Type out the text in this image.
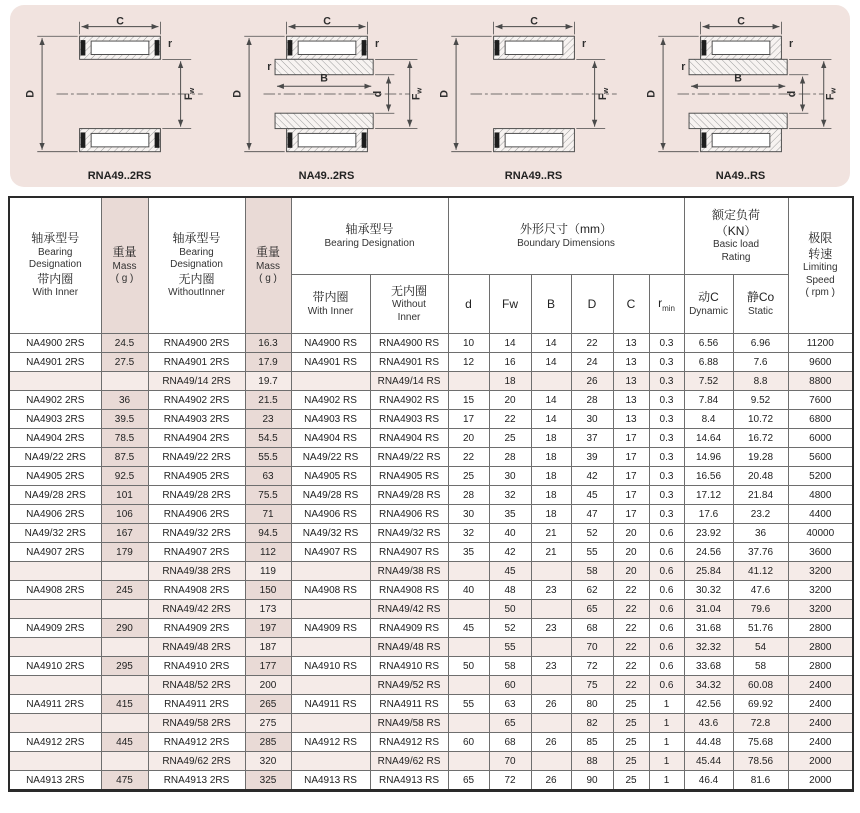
C
D	Fw
r
RNA49..2RS
C
D
B
d Fw
r
r
NA49..2RS
C
D	Fw
r
RNA49..RS
C
D
B
d Fw
r
r
NA49..RS
轴承型号
Bearing
Designation
带内圈
With Inner

重量
Mass
( g )

轴承型号
Bearing
Designation
无内圈
WithoutInner

重量
Mass
( g )

轴承型号
Bearing Designation

外形尺寸（mm）
Boundary Dimensions

额定负荷
（KN）
Basic load
Rating

极限
转速
Limiting
Speed
( rpm )

带内圈
With Inner

无内圈
Without
Inner
	d	Fw	B	D	C	$r_{min}$	
动C
Dynamic

静Co
Static

NA4900 2RS	24.5	RNA4900 2RS	16.3	NA4900 RS	RNA4900 RS	10	14	14	22	13	0.3	6.56	6.96	11200
NA4901 2RS	27.5	RNA4901 2RS	17.9	NA4901 RS	RNA4901 RS	12	16	14	24	13	0.3	6.88	7.6	9600
		RNA49/14 2RS	19.7		RNA49/14 RS		18		26	13	0.3	7.52	8.8	8800
NA4902 2RS	36	RNA4902 2RS	21.5	NA4902 RS	RNA4902 RS	15	20	14	28	13	0.3	7.84	9.52	7600
NA4903 2RS	39.5	RNA4903 2RS	23	NA4903 RS	RNA4903 RS	17	22	14	30	13	0.3	8.4	10.72	6800
NA4904 2RS	78.5	RNA4904 2RS	54.5	NA4904 RS	RNA4904 RS	20	25	18	37	17	0.3	14.64	16.72	6000
NA49/22 2RS	87.5	RNA49/22 2RS	55.5	NA49/22 RS	RNA49/22 RS	22	28	18	39	17	0.3	14.96	19.28	5600
NA4905 2RS	92.5	RNA4905 2RS	63	NA4905 RS	RNA4905 RS	25	30	18	42	17	0.3	16.56	20.48	5200
NA49/28 2RS	101	RNA49/28 2RS	75.5	NA49/28 RS	RNA49/28 RS	28	32	18	45	17	0.3	17.12	21.84	4800
NA4906 2RS	106	RNA4906 2RS	71	NA4906 RS	RNA4906 RS	30	35	18	47	17	0.3	17.6	23.2	4400
NA49/32 2RS	167	RNA49/32 2RS	94.5	NA49/32 RS	RNA49/32 RS	32	40	21	52	20	0.6	23.92	36	40000
NA4907 2RS	179	RNA4907 2RS	112	NA4907 RS	RNA4907 RS	35	42	21	55	20	0.6	24.56	37.76	3600
		RNA49/38 2RS	119		RNA49/38 RS		45		58	20	0.6	25.84	41.12	3200
NA4908 2RS	245	RNA4908 2RS	150	NA4908 RS	RNA4908 RS	40	48	23	62	22	0.6	30.32	47.6	3200
		RNA49/42 2RS	173		RNA49/42 RS		50		65	22	0.6	31.04	79.6	3200
NA4909 2RS	290	RNA4909 2RS	197	NA4909 RS	RNA4909 RS	45	52	23	68	22	0.6	31.68	51.76	2800
		RNA49/48 2RS	187		RNA49/48 RS		55		70	22	0.6	32.32	54	2800
NA4910 2RS	295	RNA4910 2RS	177	NA4910 RS	RNA4910 RS	50	58	23	72	22	0.6	33.68	58	2800
		RNA48/52 2RS	200		RNA49/52 RS		60		75	22	0.6	34.32	60.08	2400
NA4911 2RS	415	RNA4911 2RS	265	NA4911 RS	RNA4911 RS	55	63	26	80	25	1	42.56	69.92	2400
		RNA49/58 2RS	275		RNA49/58 RS		65		82	25	1	43.6	72.8	2400
NA4912 2RS	445	RNA4912 2RS	285	NA4912 RS	RNA4912 RS	60	68	26	85	25	1	44.48	75.68	2400
		RNA49/62 2RS	320		RNA49/62 RS		70		88	25	1	45.44	78.56	2000
NA4913 2RS	475	RNA4913 2RS	325	NA4913 RS	RNA4913 RS	65	72	26	90	25	1	46.4	81.6	2000
